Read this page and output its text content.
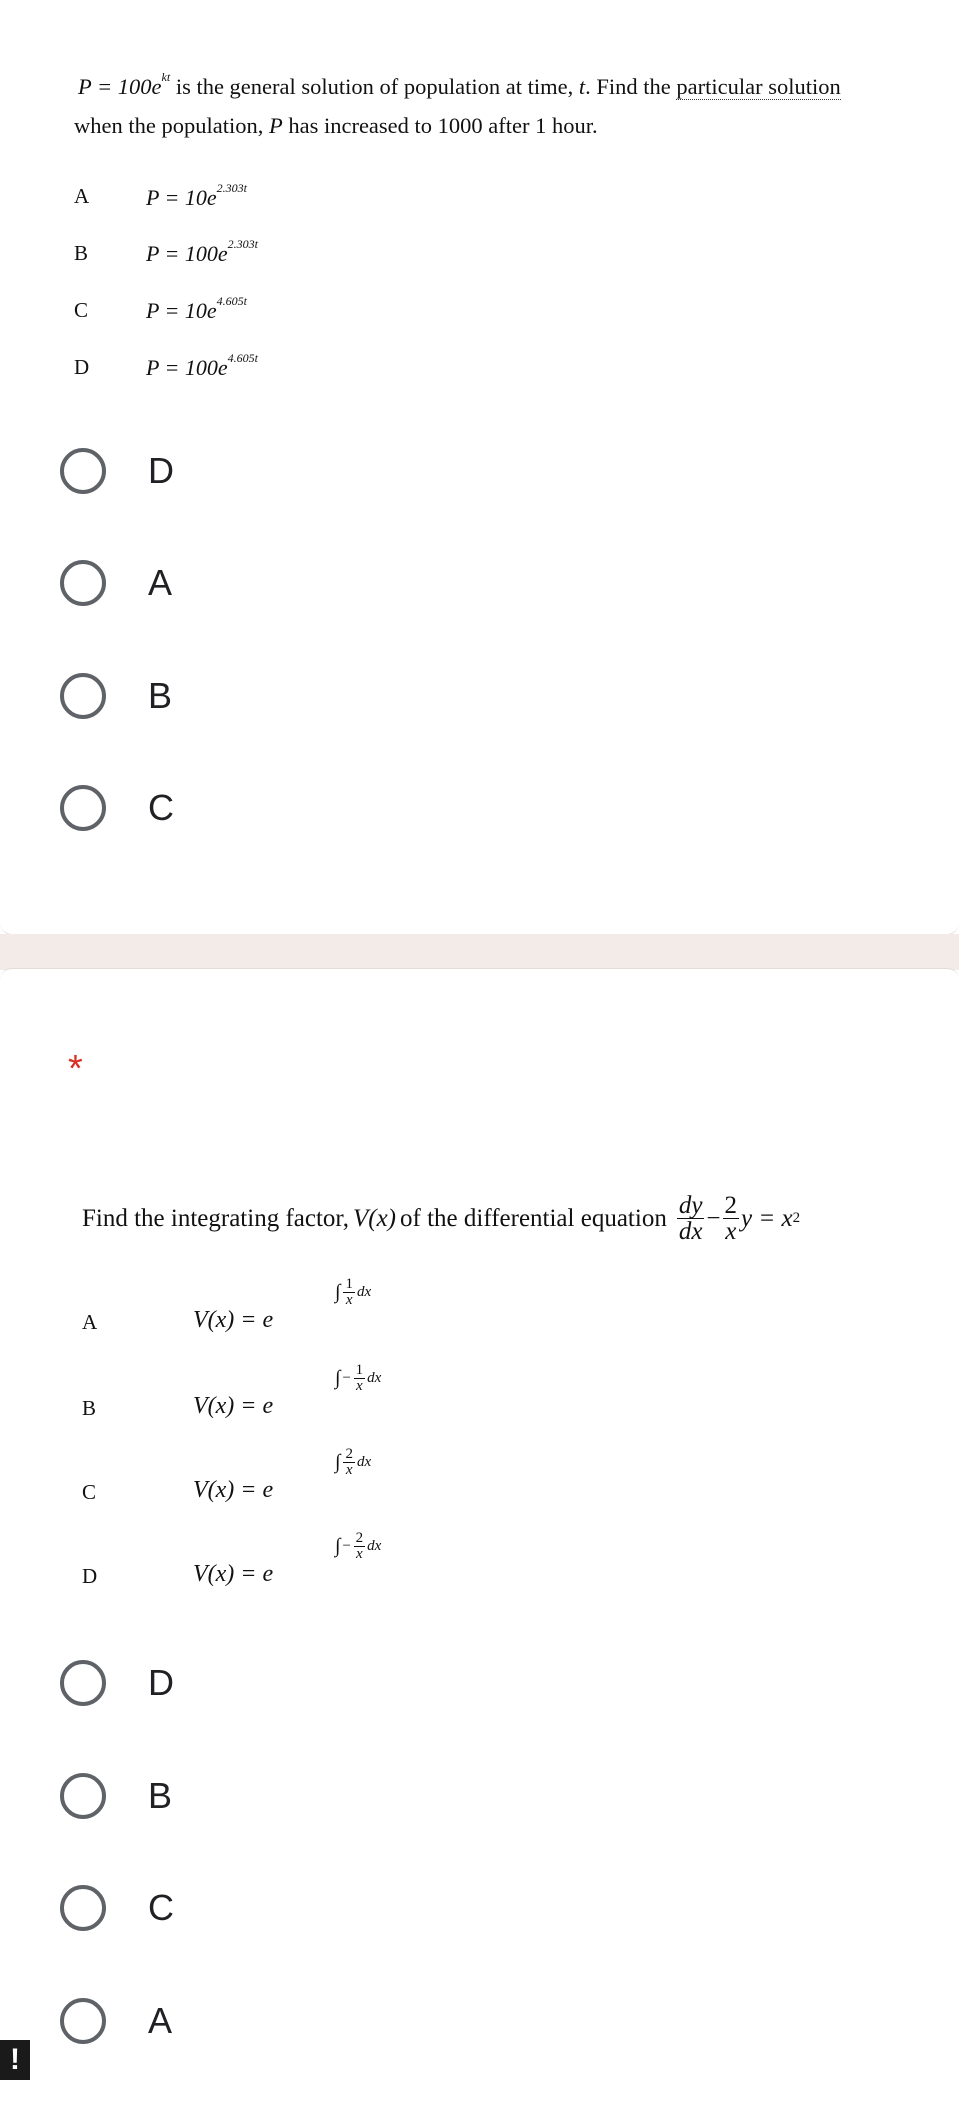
$P = 100e^{kt}$ is the general solution of population at time, t. Find the particular solution
when the population, P has increased to 1000 after 1 hour.
A	$P = 10e^{2.303t}$
B	$P = 100e^{2.303t}$
C	$P = 10e^{4.605t}$
D	$P = 100e^{4.605t}$
D
A
B
C
*
Find the integrating factor, V(x) of the differential equation $\frac{dy}{dx} - \frac{2}{x}$ y = x 2
A	V(x) = e
∫ $\frac{1}{x}$ dx
B	V(x) = e
∫ − $\frac{1}{x}$ dx
C	V(x) = e
∫ $\frac{2}{x}$ dx
D	V(x) = e
∫ − $\frac{2}{x}$ dx
D
B
C
A
!
